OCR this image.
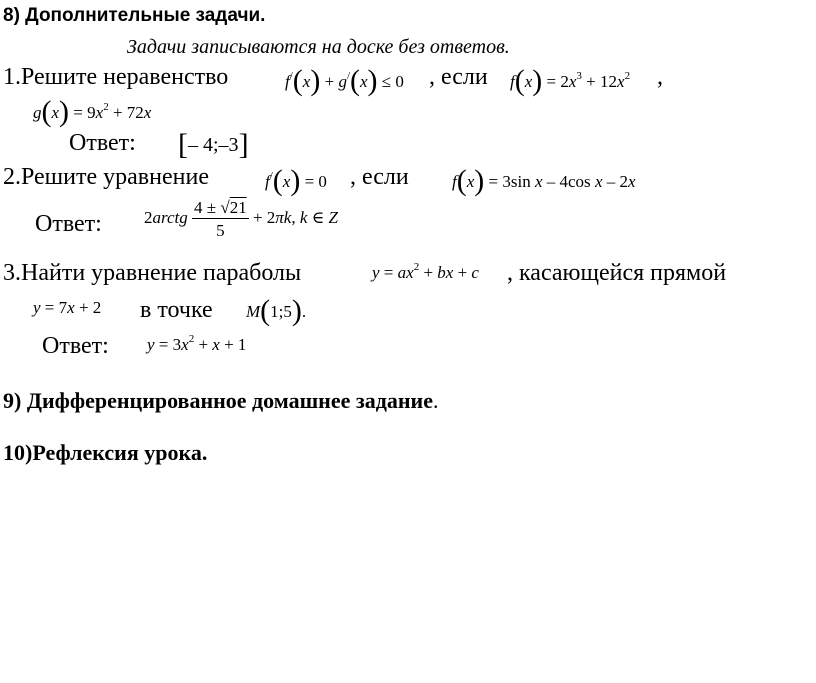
8) Дополнительные задачи.
Задачи записываются на доске без ответов.
1.Решите неравенство	f/(x) + g/(x) ≤ 0 , если $f(x) = 2x^3 + 12x^2$ ,
$g(x) = 9x^2 + 72x$
Ответ: [– 4;–3]
2.Решите уравнение	f/(x) = 0 , если	f(x) = 3sin x – 4cos x – 2x
Ответ: 2arctg $\frac{4 \pm √21}{5} + 2\pi k$, k ∈ Z
3.Найти уравнение параболы	$y = ax^2$ + bx + c , касающейся прямой
y = 7x + 2 в точке M(1;5).
Ответ: $y = 3x^2 + x + 1$
9) Дифференцированное домашнее задание.
10)Рефлексия урока.
